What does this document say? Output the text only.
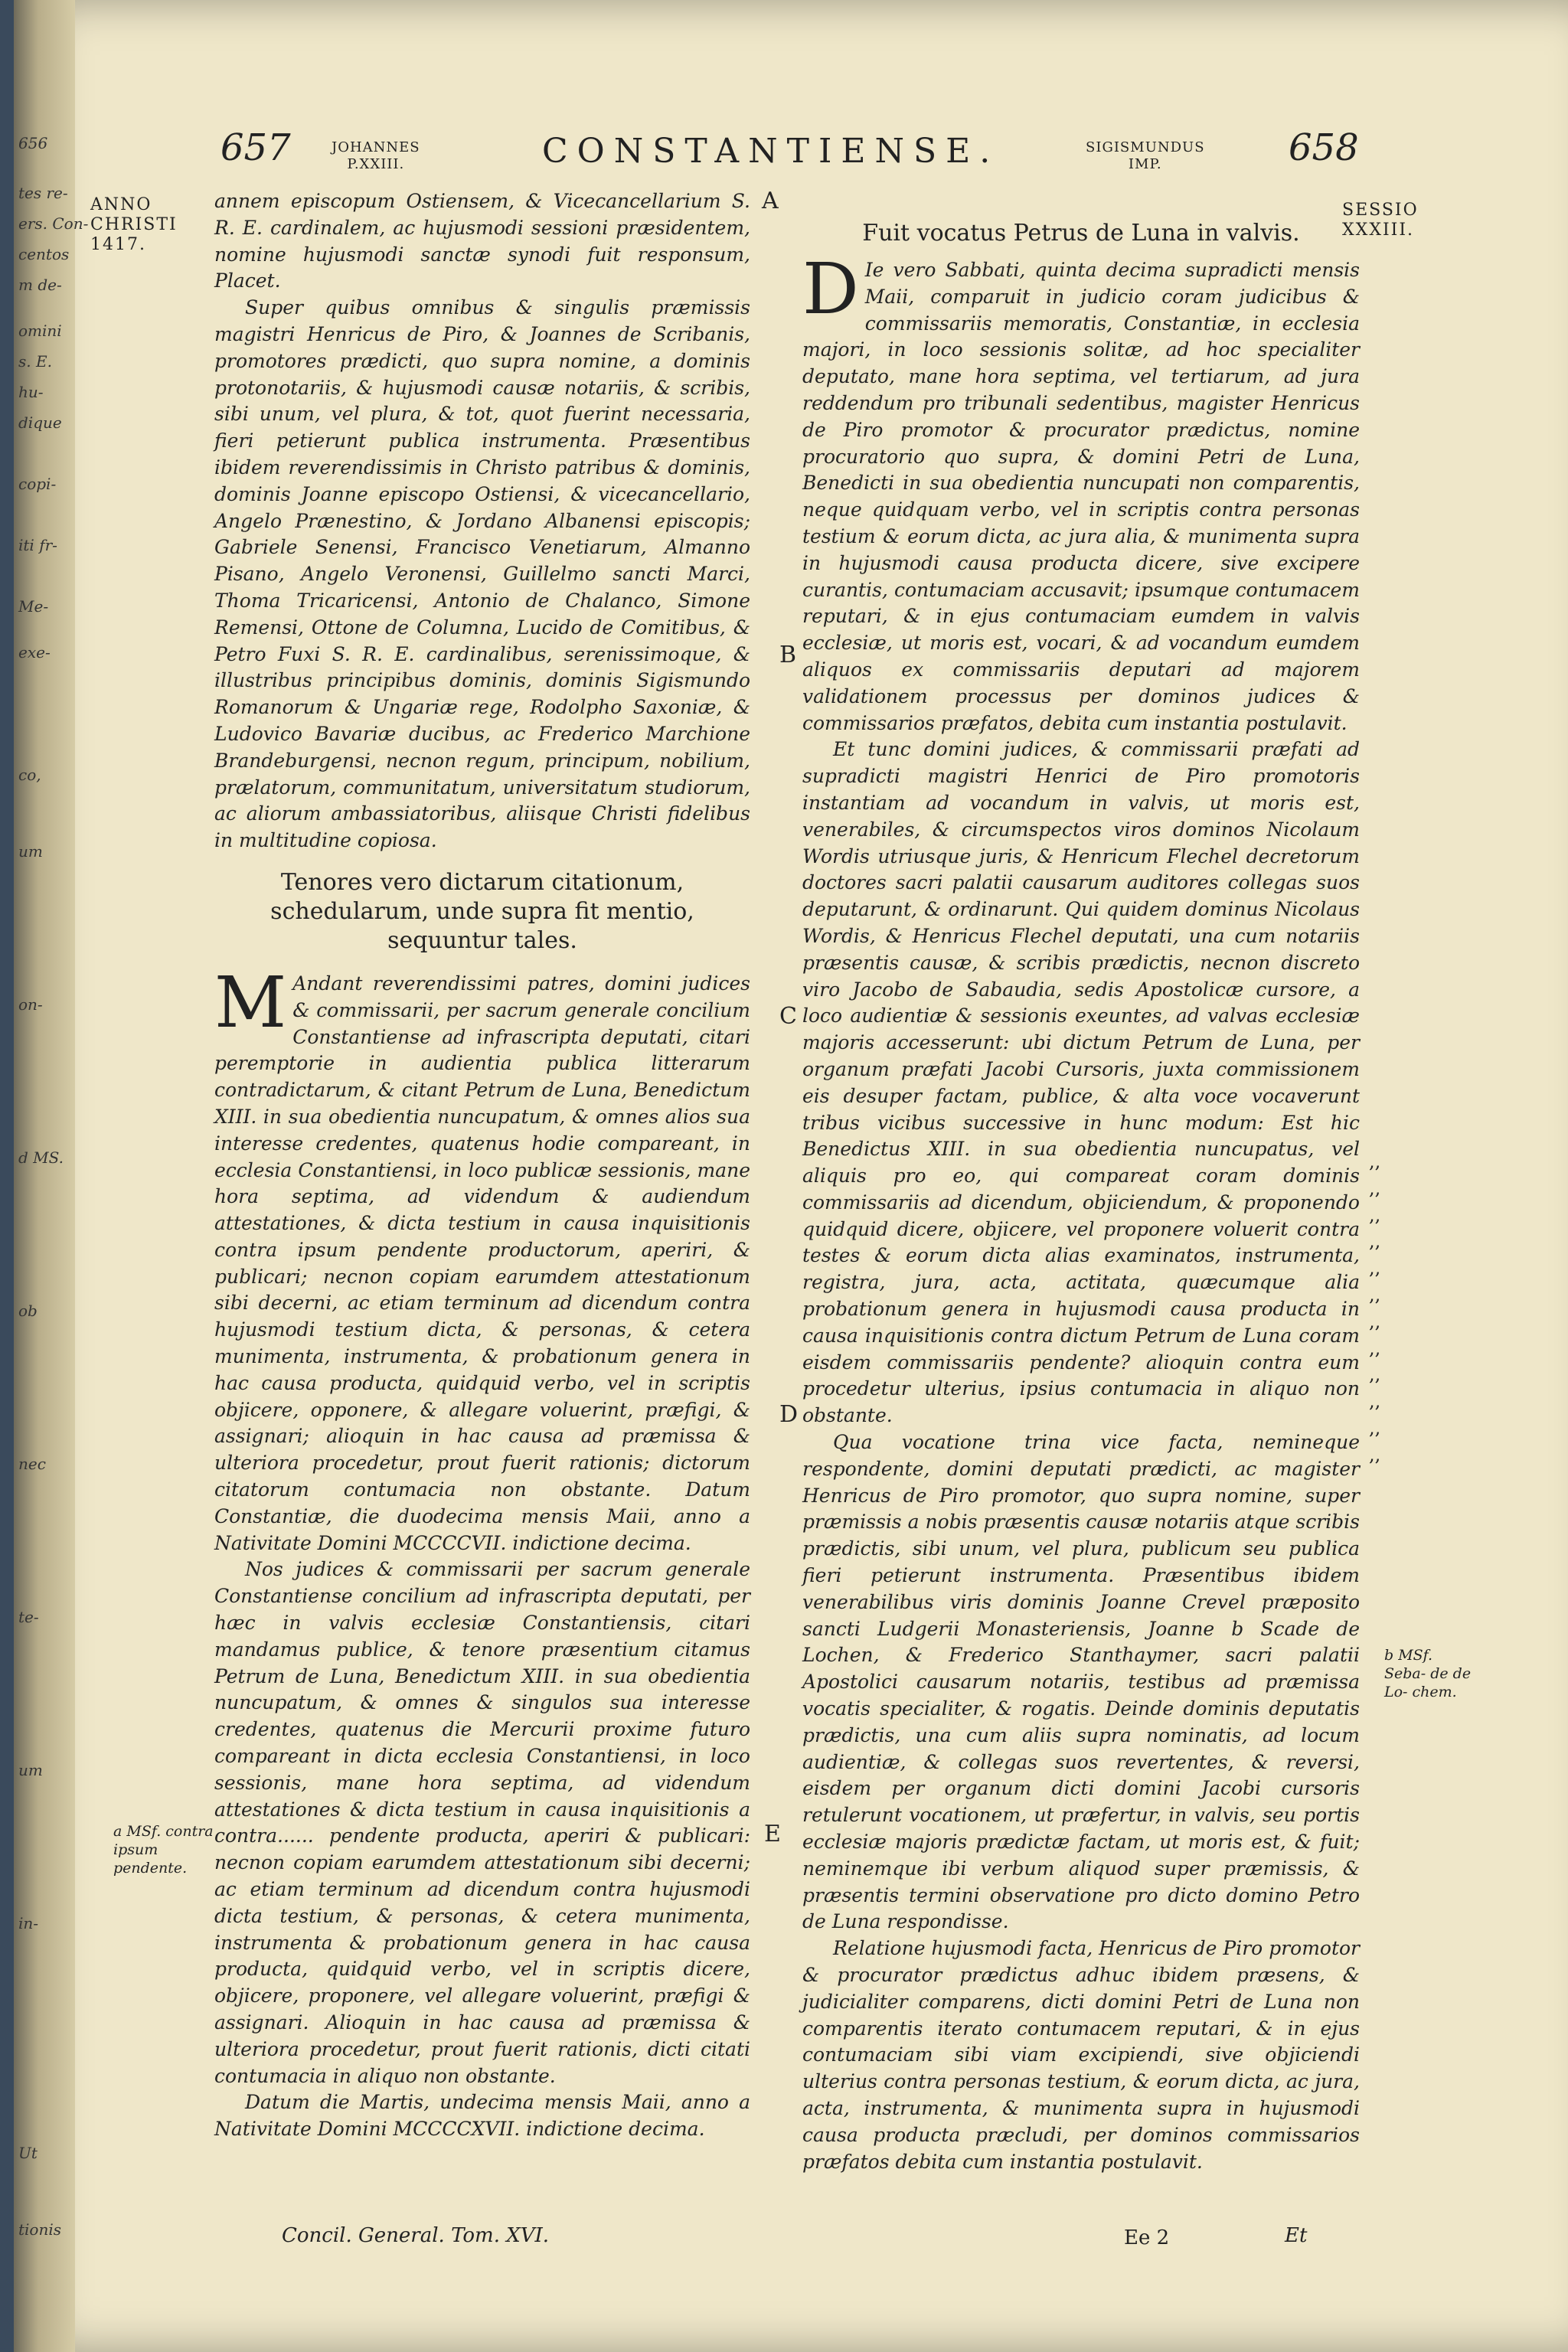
656
tes re-
ers. Con-
centos
m de-
omini
s. E.
hu-
dique
copi-
iti fr-
Me-
exe-
co,
um
on-
d MS.
ob
nec
te-
um
in-
Ut
tionis
657	JOHANNES
P.XXIII.	CONSTANTIENSE.	SIGISMUNDUS
IMP.	658
ANNO
CHRISTI
1417.
SESSIO
XXXIII.
a MSf. contra ipsum pendente.
b MSf. Seba- de de Lo- chem.
A
B
C
D
E

annem episcopum Ostiensem, & Vicecancellarium S. R. E. cardinalem, ac hujusmodi sessioni præsidentem, nomine hujusmodi sanctæ synodi fuit responsum, Placet.

Super quibus omnibus & singulis præmissis magistri Henricus de Piro, & Joannes de Scribanis, promotores prædicti, quo supra nomine, a dominis protonotariis, & hujusmodi causæ notariis, & scribis, sibi unum, vel plura, & tot, quot fuerint necessaria, fieri petierunt publica instrumenta. Præsentibus ibidem reverendissimis in Christo patribus & dominis, dominis Joanne episcopo Ostiensi, & vicecancellario, Angelo Prænestino, & Jordano Albanensi episcopis; Gabriele Senensi, Francisco Venetiarum, Almanno Pisano, Angelo Veronensi, Guillelmo sancti Marci, Thoma Tricaricensi, Antonio de Chalanco, Simone Remensi, Ottone de Columna, Lucido de Comitibus, & Petro Fuxi S. R. E. cardinalibus, serenissimoque, & illustribus principibus dominis, dominis Sigismundo Romanorum & Ungariæ rege, Rodolpho Saxoniæ, & Ludovico Bavariæ ducibus, ac Frederico Marchione Brandeburgensi, necnon regum, principum, nobilium, prælatorum, communitatum, universitatum studiorum, ac aliorum ambassiatoribus, aliisque Christi fidelibus in multitudine copiosa.

Tenores vero dictarum citationum, schedularum, unde supra fit mentio, sequuntur tales.
M Andant reverendissimi patres, domini judices & commissarii, per sacrum generale concilium Constantiense ad infrascripta deputati, citari peremptorie in audientia publica litterarum contradictarum, & citant Petrum de Luna, Benedictum XIII. in sua obedientia nuncupatum, & omnes alios sua interesse credentes, quatenus hodie compareant, in ecclesia Constantiensi, in loco publicæ sessionis, mane hora septima, ad videndum & audiendum attestationes, & dicta testium in causa inquisitionis contra ipsum pendente productorum, aperiri, & publicari; necnon copiam earumdem attestationum sibi decerni, ac etiam terminum ad dicendum contra hujusmodi testium dicta, & personas, & cetera munimenta, instrumenta, & probationum genera in hac causa producta, quidquid verbo, vel in scriptis objicere, opponere, & allegare voluerint, præfigi, & assignari; alioquin in hac causa ad præmissa & ulteriora procedetur, prout fuerit rationis; dictorum citatorum contumacia non obstante. Datum Constantiæ, die duodecima mensis Maii, anno a Nativitate Domini MCCCCVII. indictione decima.

Nos judices & commissarii per sacrum generale Constantiense concilium ad infrascripta deputati, per hæc in valvis ecclesiæ Constantiensis, citari mandamus publice, & tenore præsentium citamus Petrum de Luna, Benedictum XIII. in sua obedientia nuncupatum, & omnes & singulos sua interesse credentes, quatenus die Mercurii proxime futuro compareant in dicta ecclesia Constantiensi, in loco sessionis, mane hora septima, ad videndum attestationes & dicta testium in causa inquisitionis a contra...... pendente producta, aperiri & publicari: necnon copiam earumdem attestationum sibi decerni; ac etiam terminum ad dicendum contra hujusmodi dicta testium, & personas, & cetera munimenta, instrumenta & probationum genera in hac causa producta, quidquid verbo, vel in scriptis dicere, objicere, proponere, vel allegare voluerint, præfigi & assignari. Alioquin in hac causa ad præmissa & ulteriora procedetur, prout fuerit rationis, dicti citati contumacia in aliquo non obstante.

Datum die Martis, undecima mensis Maii, anno a Nativitate Domini MCCCCXVII. indictione decima.

Fuit vocatus Petrus de Luna in valvis.
D Ie vero Sabbati, quinta decima supradicti mensis Maii, comparuit in judicio coram judicibus & commissariis memoratis, Constantiæ, in ecclesia majori, in loco sessionis solitæ, ad hoc specialiter deputato, mane hora septima, vel tertiarum, ad jura reddendum pro tribunali sedentibus, magister Henricus de Piro promotor & procurator prædictus, nomine procuratorio quo supra, & domini Petri de Luna, Benedicti in sua obedientia nuncupati non comparentis, neque quidquam verbo, vel in scriptis contra personas testium & eorum dicta, ac jura alia, & munimenta supra in hujusmodi causa producta dicere, sive excipere curantis, contumaciam accusavit; ipsumque contumacem reputari, & in ejus contumaciam eumdem in valvis ecclesiæ, ut moris est, vocari, & ad vocandum eumdem aliquos ex commissariis deputari ad majorem validationem processus per dominos judices & commissarios præfatos, debita cum instantia postulavit.

Et tunc domini judices, & commissarii præfati ad supradicti magistri Henrici de Piro promotoris instantiam ad vocandum in valvis, ut moris est, venerabiles, & circumspectos viros dominos Nicolaum Wordis utriusque juris, & Henricum Flechel decretorum doctores sacri palatii causarum auditores collegas suos deputarunt, & ordinarunt. Qui quidem dominus Nicolaus Wordis, & Henricus Flechel deputati, una cum notariis præsentis causæ, & scribis prædictis, necnon discreto viro Jacobo de Sabaudia, sedis Apostolicæ cursore, a loco audientiæ & sessionis exeuntes, ad valvas ecclesiæ majoris accesserunt: ubi dictum Petrum de Luna, per organum præfati Jacobi Cursoris, juxta commissionem eis desuper factam, publice, & alta voce vocaverunt tribus vicibus successive in hunc modum: Est hic Benedictus XIII. in sua obedientia nuncupatus, vel aliquis pro eo, qui compareat coram dominis commissariis ad dicendum, objiciendum, & proponendo quidquid dicere, objicere, vel proponere voluerit contra testes & eorum dicta alias examinatos, instrumenta, registra, jura, acta, actitata, quæcumque alia probationum genera in hujusmodi causa producta in causa inquisitionis contra dictum Petrum de Luna coram eisdem commissariis pendente? alioquin contra eum procedetur ulterius, ipsius contumacia in aliquo non obstante.

Qua vocatione trina vice facta, nemineque respondente, domini deputati prædicti, ac magister Henricus de Piro promotor, quo supra nomine, super præmissis a nobis præsentis causæ notariis atque scribis prædictis, sibi unum, vel plura, publicum seu publica fieri petierunt instrumenta. Præsentibus ibidem venerabilibus viris dominis Joanne Crevel præposito sancti Ludgerii Monasteriensis, Joanne b Scade de Lochen, & Frederico Stanthaymer, sacri palatii Apostolici causarum notariis, testibus ad præmissa vocatis specialiter, & rogatis. Deinde dominis deputatis prædictis, una cum aliis supra nominatis, ad locum audientiæ, & collegas suos revertentes, & reversi, eisdem per organum dicti domini Jacobi cursoris retulerunt vocationem, ut præfertur, in valvis, seu portis ecclesiæ majoris prædictæ factam, ut moris est, & fuit; neminemque ibi verbum aliquod super præmissis, & præsentis termini observatione pro dicto domino Petro de Luna respondisse.

Relatione hujusmodi facta, Henricus de Piro promotor & procurator prædictus adhuc ibidem præsens, & judicialiter comparens, dicti domini Petri de Luna non comparentis iterato contumacem reputari, & in ejus contumaciam sibi viam excipiendi, sive objiciendi ulterius contra personas testium, & eorum dicta, ac jura, acta, instrumenta, & munimenta supra in hujusmodi causa producta præcludi, per dominos commissarios præfatos debita cum instantia postulavit.

,,
,,
,,
,,
,,
,,
,,
,,
,,
,,
,,
,,
Concil. General. Tom. XVI.	Ee 2	Et
